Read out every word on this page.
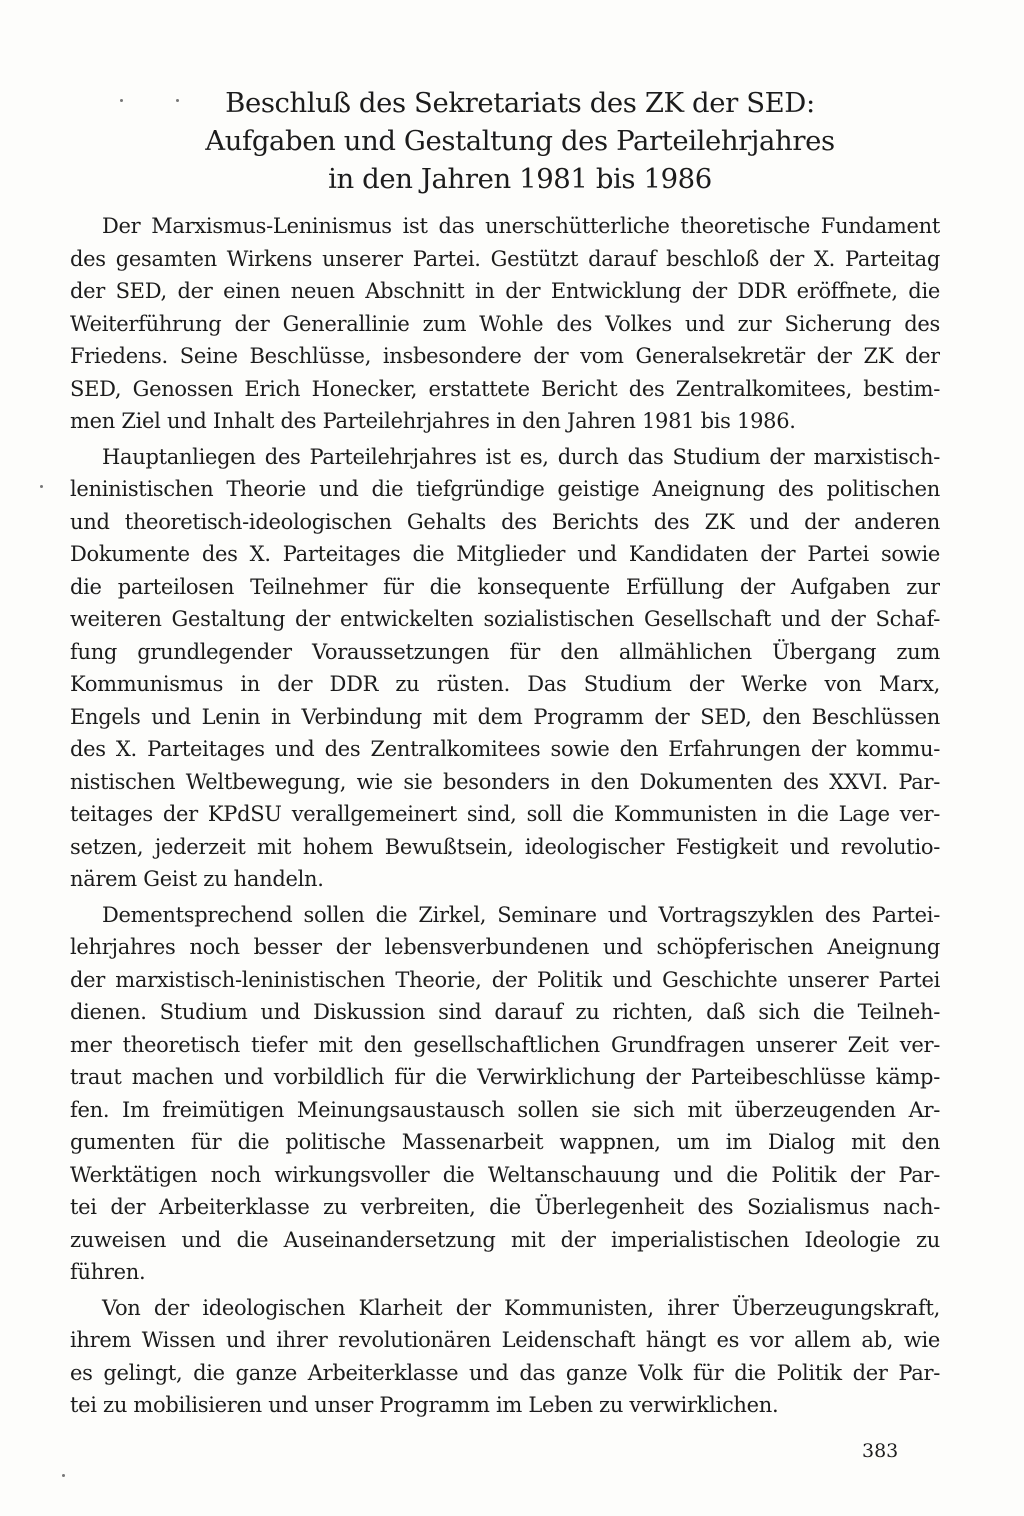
Beschluß des Sekretariats des ZK der SED:
Aufgaben und Gestaltung des Parteilehrjahres
in den Jahren 1981 bis 1986

Der Marxismus-Leninismus ist das unerschütterliche theoretische Fundament
des gesamten Wirkens unserer Partei. Gestützt darauf beschloß der X. Parteitag
der SED, der einen neuen Abschnitt in der Entwicklung der DDR eröffnete, die
Weiterführung der Generallinie zum Wohle des Volkes und zur Sicherung des
Friedens. Seine Beschlüsse, insbesondere der vom Generalsekretär der ZK der
SED, Genossen Erich Honecker, erstattete Bericht des Zentralkomitees, bestim-
men Ziel und Inhalt des Parteilehrjahres in den Jahren 1981 bis 1986.

Hauptanliegen des Parteilehrjahres ist es, durch das Studium der marxistisch-
leninistischen Theorie und die tiefgründige geistige Aneignung des politischen
und theoretisch-ideologischen Gehalts des Berichts des ZK und der anderen
Dokumente des X. Parteitages die Mitglieder und Kandidaten der Partei sowie
die parteilosen Teilnehmer für die konsequente Erfüllung der Aufgaben zur
weiteren Gestaltung der entwickelten sozialistischen Gesellschaft und der Schaf-
fung grundlegender Voraussetzungen für den allmählichen Übergang zum
Kommunismus in der DDR zu rüsten. Das Studium der Werke von Marx,
Engels und Lenin in Verbindung mit dem Programm der SED, den Beschlüssen
des X. Parteitages und des Zentralkomitees sowie den Erfahrungen der kommu-
nistischen Weltbewegung, wie sie besonders in den Dokumenten des XXVI. Par-
teitages der KPdSU verallgemeinert sind, soll die Kommunisten in die Lage ver-
setzen, jederzeit mit hohem Bewußtsein, ideologischer Festigkeit und revolutio-
närem Geist zu handeln.

Dementsprechend sollen die Zirkel, Seminare und Vortragszyklen des Partei-
lehrjahres noch besser der lebensverbundenen und schöpferischen Aneignung
der marxistisch-leninistischen Theorie, der Politik und Geschichte unserer Partei
dienen. Studium und Diskussion sind darauf zu richten, daß sich die Teilneh-
mer theoretisch tiefer mit den gesellschaftlichen Grundfragen unserer Zeit ver-
traut machen und vorbildlich für die Verwirklichung der Parteibeschlüsse kämp-
fen. Im freimütigen Meinungsaustausch sollen sie sich mit überzeugenden Ar-
gumenten für die politische Massenarbeit wappnen, um im Dialog mit den
Werktätigen noch wirkungsvoller die Weltanschauung und die Politik der Par-
tei der Arbeiterklasse zu verbreiten, die Überlegenheit des Sozialismus nach-
zuweisen und die Auseinandersetzung mit der imperialistischen Ideologie zu
führen.

Von der ideologischen Klarheit der Kommunisten, ihrer Überzeugungskraft,
ihrem Wissen und ihrer revolutionären Leidenschaft hängt es vor allem ab, wie
es gelingt, die ganze Arbeiterklasse und das ganze Volk für die Politik der Par-
tei zu mobilisieren und unser Programm im Leben zu verwirklichen.

383
